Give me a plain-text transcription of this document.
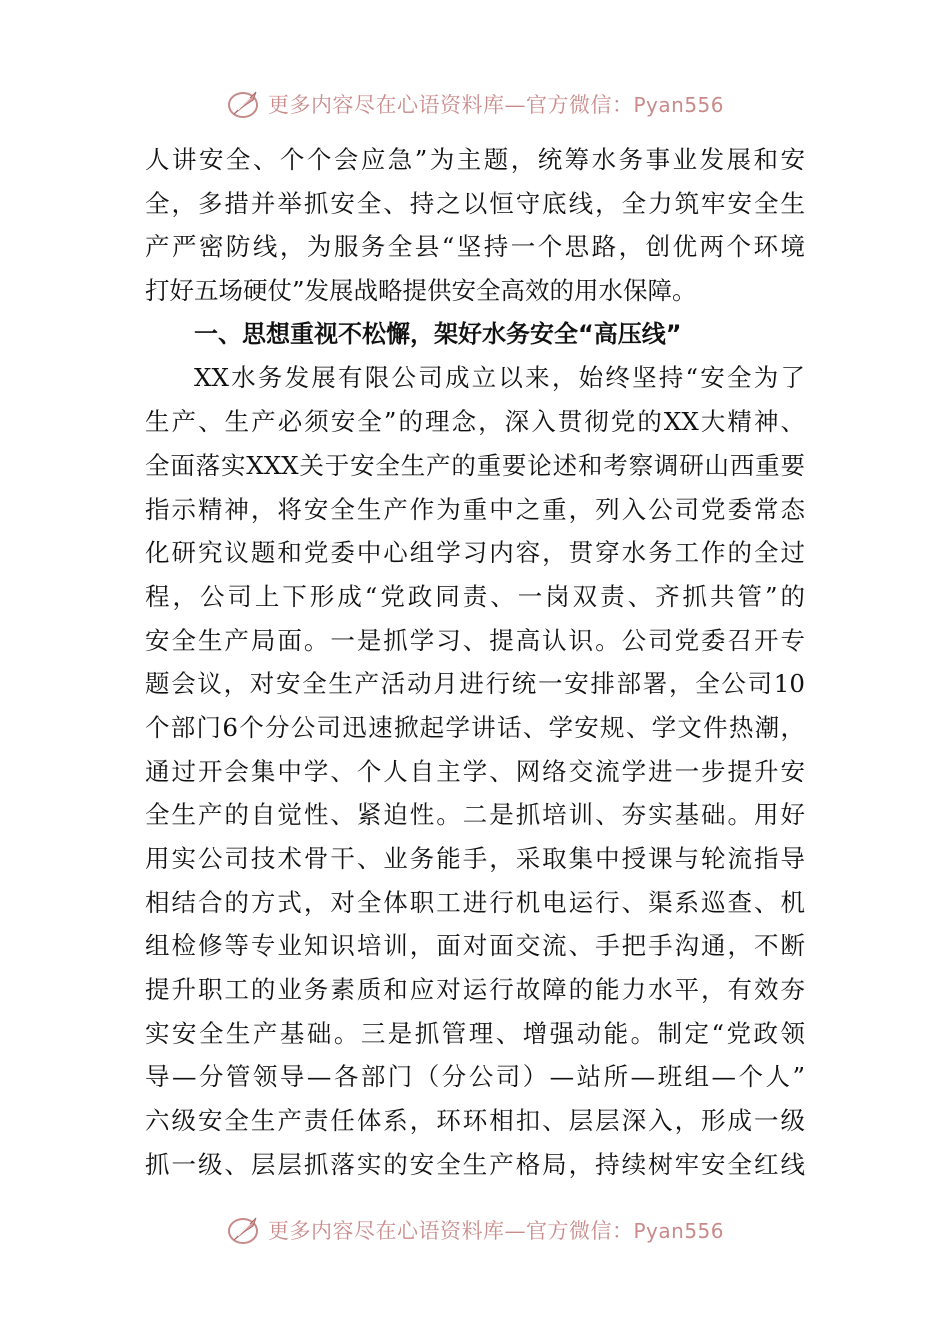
更多内容尽在心语资料库—官方微信：Pyan556
人讲安全、个个会应急”为主题，统筹水务事业发展和安
全，多措并举抓安全、持之以恒守底线，全力筑牢安全生
产严密防线，为服务全县“坚持一个思路，创优两个环境
打好五场硬仗”发展战略提供安全高效的用水保障。
一、思想重视不松懈，架好水务安全“高压线”
XX水务发展有限公司成立以来，始终坚持“安全为了
生产、生产必须安全”的理念，深入贯彻党的XX大精神、
全面落实XXX关于安全生产的重要论述和考察调研山西重要
指示精神，将安全生产作为重中之重，列入公司党委常态
化研究议题和党委中心组学习内容，贯穿水务工作的全过
程，公司上下形成“党政同责、一岗双责、齐抓共管”的
安全生产局面。一是抓学习、提高认识。公司党委召开专
题会议，对安全生产活动月进行统一安排部署，全公司10
个部门6个分公司迅速掀起学讲话、学安规、学文件热潮，
通过开会集中学、个人自主学、网络交流学进一步提升安
全生产的自觉性、紧迫性。二是抓培训、夯实基础。用好
用实公司技术骨干、业务能手，采取集中授课与轮流指导
相结合的方式，对全体职工进行机电运行、渠系巡查、机
组检修等专业知识培训，面对面交流、手把手沟通，不断
提升职工的业务素质和应对运行故障的能力水平，有效夯
实安全生产基础。三是抓管理、增强动能。制定“党政领
导—分管领导—各部门（分公司）—站所—班组—个人”
六级安全生产责任体系，环环相扣、层层深入，形成一级
抓一级、层层抓落实的安全生产格局，持续树牢安全红线
更多内容尽在心语资料库—官方微信：Pyan556
